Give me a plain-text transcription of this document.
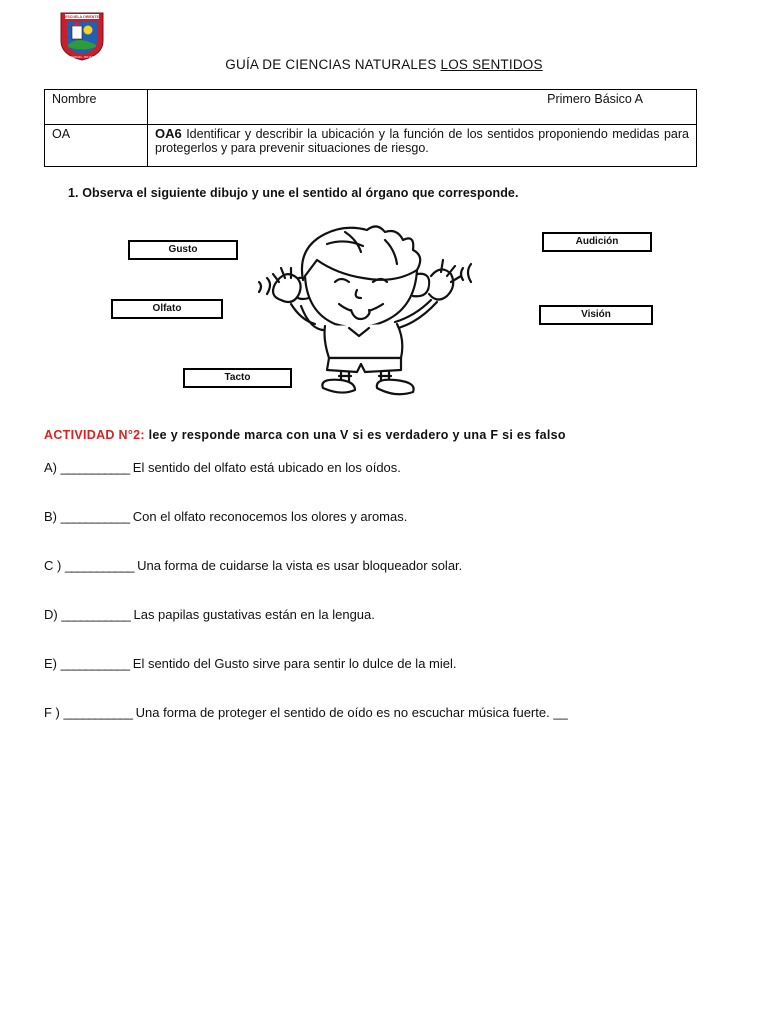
ESCUELA ORIENTE
SERGIO - ROJAS	GUÍA DE CIENCIAS NATURALES LOS SENTIDOS
Nombre	Primero Básico A

OA	OA6 Identificar y describir la ubicación y la función de los sentidos proponiendo medidas para protegerlos y para prevenir situaciones de riesgo.
1. Observa el siguiente dibujo y une el sentido al órgano que corresponde.
Gusto
Olfato
Tacto
Audición
Visión
ACTIVIDAD N°2: lee y responde marca con una V si es verdadero y una F si es falso
A) ___________ El sentido del olfato está ubicado en los oídos.
B) ___________ Con el olfato reconocemos los olores y aromas.
C ) ___________ Una forma de cuidarse la vista es usar bloqueador solar.
D) ___________ Las papilas gustativas están en la lengua.
E) ___________ El sentido del Gusto sirve para sentir lo dulce de la miel.
F ) ___________ Una forma de proteger el sentido de oído es no escuchar música fuerte. __
